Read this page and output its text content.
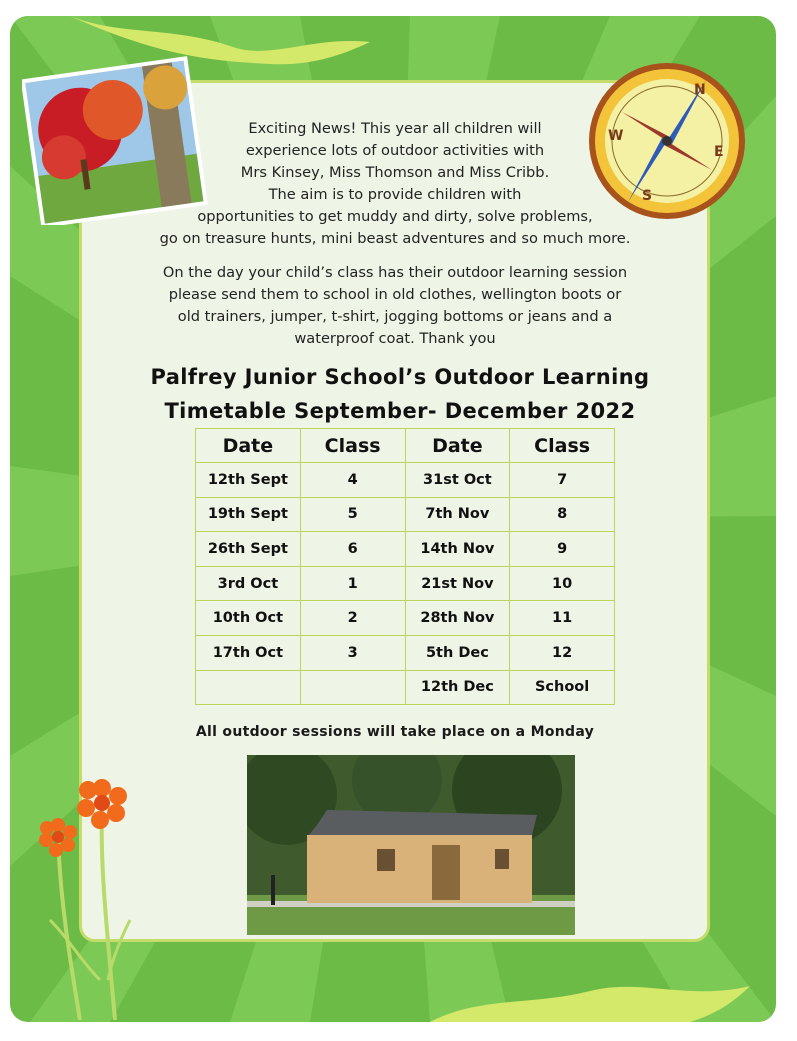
N
E
S
W

Exciting News! This year all children will
experience lots of outdoor activities with
Mrs Kinsey, Miss Thomson and Miss Cribb.
The aim is to provide children with
opportunities to get muddy and dirty, solve problems,
go on treasure hunts, mini beast adventures and so much more.

On the day your child’s class has their outdoor learning session
please send them to school in old clothes, wellington boots or
old trainers, jumper, t-shirt, jogging bottoms or jeans and a
waterproof coat. Thank you

Palfrey Junior School’s Outdoor Learning
Timetable September- December 2022
Date	Class	Date	Class
12th Sept	4	31st Oct	7
19th Sept	5	7th Nov	8
26th Sept	6	14th Nov	9
3rd Oct	1	21st Nov	10
10th Oct	2	28th Nov	11
17th Oct	3	5th Dec	12
		12th Dec	School

All outdoor sessions will take place on a Monday
